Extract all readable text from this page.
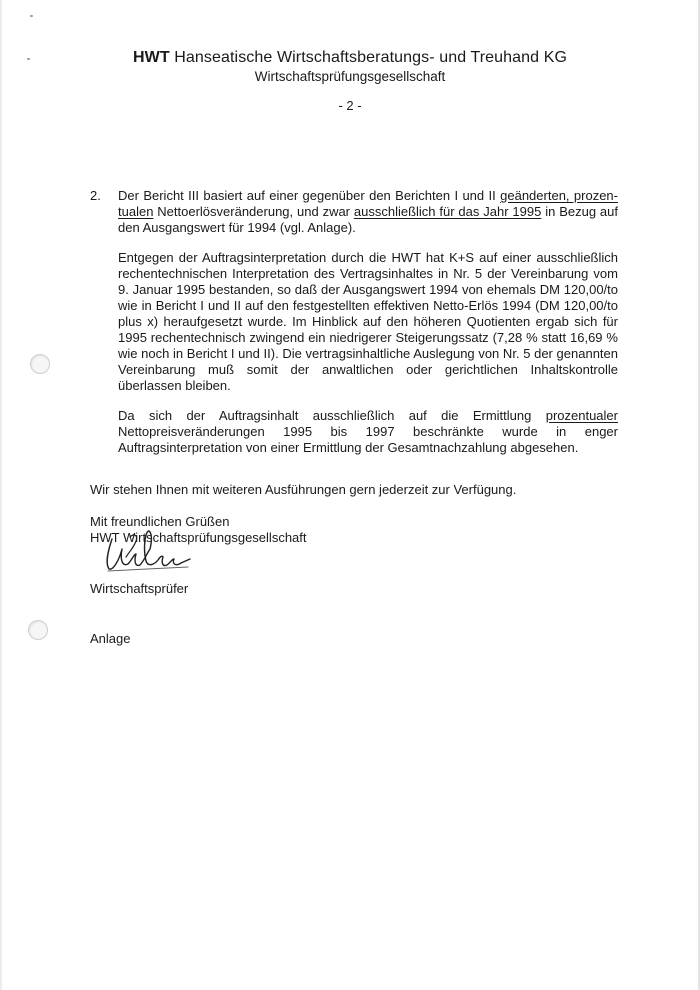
HWT Hanseatische Wirtschaftsberatungs- und Treuhand KG
Wirtschaftsprüfungsgesellschaft
- 2 -
2. Der Bericht III basiert auf einer gegenüber den Berichten I und II geänderten, prozen-tualen Nettoerlösveränderung, und zwar ausschließlich für das Jahr 1995 in Bezug auf den Ausgangswert für 1994 (vgl. Anlage).

Entgegen der Auftragsinterpretation durch die HWT hat K+S auf einer ausschließlich rechentechnischen Interpretation des Vertragsinhaltes in Nr. 5 der Vereinbarung vom 9. Januar 1995 bestanden, so daß der Ausgangswert 1994 von ehemals DM 120,00/to wie in Bericht I und II auf den festgestellten effektiven Netto-Erlös 1994 (DM 120,00/to plus x) heraufgesetzt wurde. Im Hinblick auf den höheren Quotienten ergab sich für 1995 rechentechnisch zwingend ein niedrigerer Steigerungssatz (7,28 % statt 16,69 % wie noch in Bericht I und II). Die vertragsinhaltliche Auslegung von Nr. 5 der genannten Vereinbarung muß somit der anwaltlichen oder gerichtlichen Inhaltskontrolle überlassen bleiben.

Da sich der Auftragsinhalt ausschließlich auf die Ermittlung prozentualer Nettopreisveränderungen 1995 bis 1997 beschränkte wurde in enger Auftragsinterpretation von einer Ermittlung der Gesamtnachzahlung abgesehen.

Wir stehen Ihnen mit weiteren Ausführungen gern jederzeit zur Verfügung.

Mit freundlichen Grüßen
HWT Wirtschaftsprüfungsgesellschaft
Wirtschaftsprüfer
Anlage
